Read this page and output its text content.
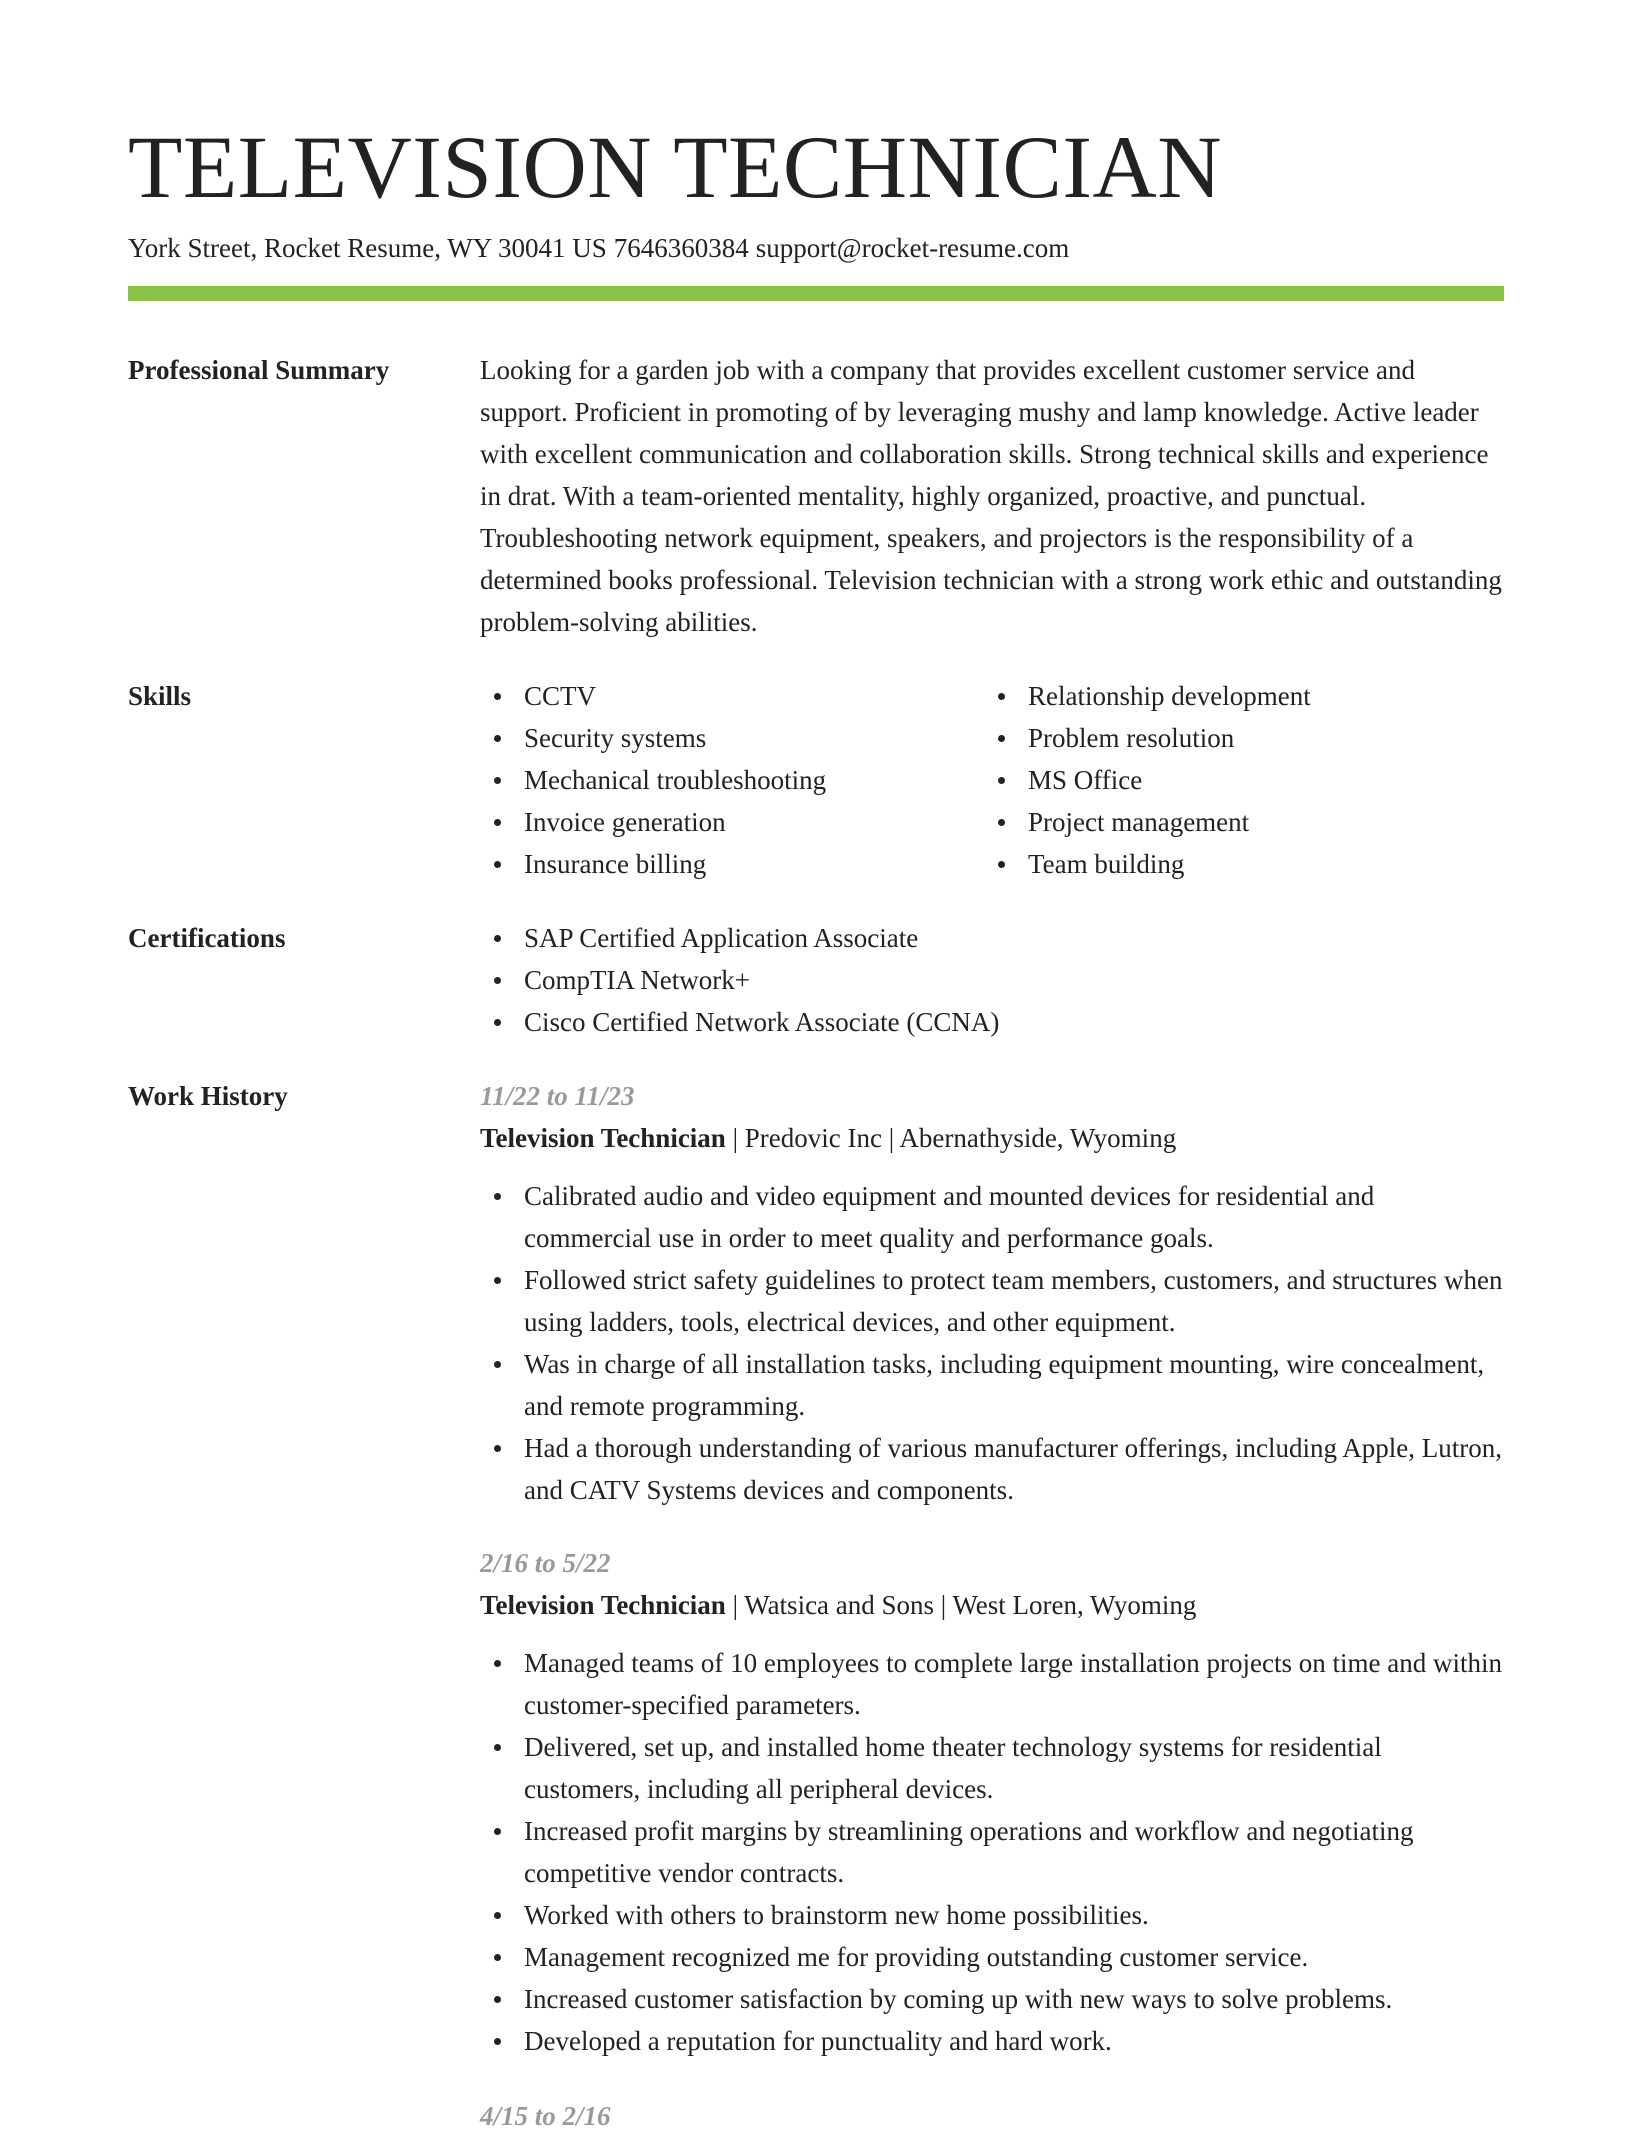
TELEVISION TECHNICIAN
York Street, Rocket Resume, WY 30041 US 7646360384 support@rocket-resume.com
Professional Summary	Looking for a garden job with a company that provides excellent customer service and support. Proficient in promoting of by leveraging mushy and lamp knowledge. Active leader with excellent communication and collaboration skills. Strong technical skills and experience in drat. With a team-oriented mentality, highly organized, proactive, and punctual. Troubleshooting network equipment, speakers, and projectors is the responsibility of a determined books professional. Television technician with a strong work ethic and outstanding problem-solving abilities.

Skills	CCTV
Security systems
Mechanical troubleshooting
Invoice generation
Insurance billing
Relationship development
Problem resolution
MS Office
Project management
Team building
Certifications	SAP Certified Application Associate
CompTIA Network+
Cisco Certified Network Associate (CCNA)
Work History	11/22 to 11/23
Television Technician | Predovic Inc | Abernathyside, Wyoming
Calibrated audio and video equipment and mounted devices for residential and commercial use in order to meet quality and performance goals.
Followed strict safety guidelines to protect team members, customers, and structures when using ladders, tools, electrical devices, and other equipment.
Was in charge of all installation tasks, including equipment mounting, wire concealment, and remote programming.
Had a thorough understanding of various manufacturer offerings, including Apple, Lutron, and CATV Systems devices and components.
2/16 to 5/22
Television Technician | Watsica and Sons | West Loren, Wyoming
Managed teams of 10 employees to complete large installation projects on time and within customer-specified parameters.
Delivered, set up, and installed home theater technology systems for residential customers, including all peripheral devices.
Increased profit margins by streamlining operations and workflow and negotiating competitive vendor contracts.
Worked with others to brainstorm new home possibilities.
Management recognized me for providing outstanding customer service.
Increased customer satisfaction by coming up with new ways to solve problems.
Developed a reputation for punctuality and hard work.
4/15 to 2/16
